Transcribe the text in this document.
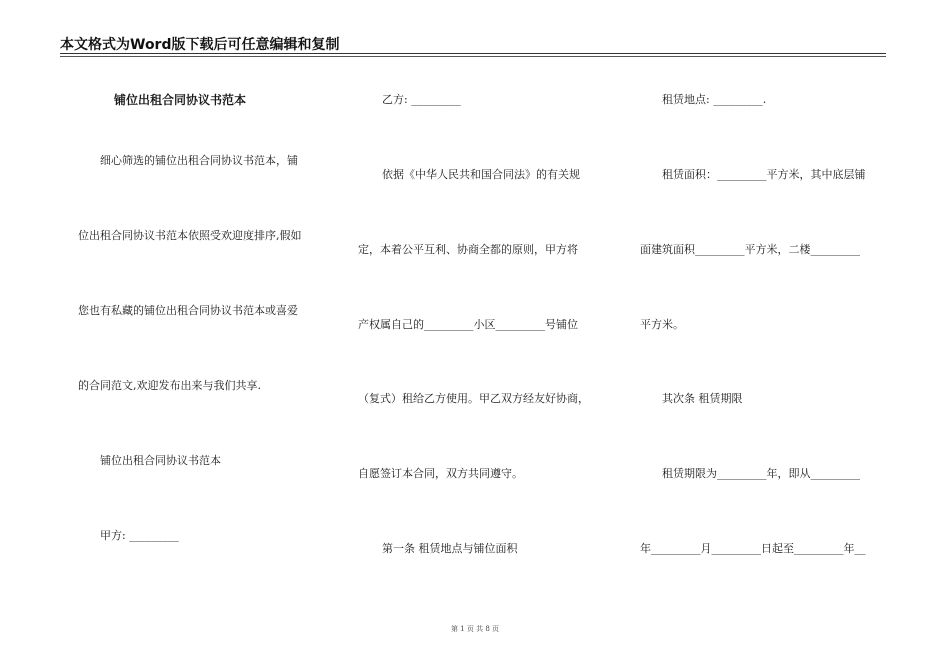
本文格式为Word版下载后可任意编辑和复制
铺位出租合同协议书范本
细心筛选的铺位出租合同协议书范本，铺
位出租合同协议书范本依照受欢迎度排序,假如
您也有私藏的铺位出租合同协议书范本或喜爱
的合同范文,欢迎发布出来与我们共享.
铺位出租合同协议书范本
甲方: _________
乙方: _________
依据《中华人民共和国合同法》的有关规
定，本着公平互利、协商全都的原则，甲方将
产权属自己的_________小区_________号铺位
（复式）租给乙方使用。甲乙双方经友好协商，
自愿签订本合同，双方共同遵守。
第一条 租赁地点与铺位面积
租赁地点: _________.
租赁面积：_________平方米，其中底层铺
面建筑面积_________平方米，二楼_________
平方米。
其次条 租赁期限
租赁期限为_________年，即从_________
年_________月_________日起至_________年__
第 1 页 共 8 页
